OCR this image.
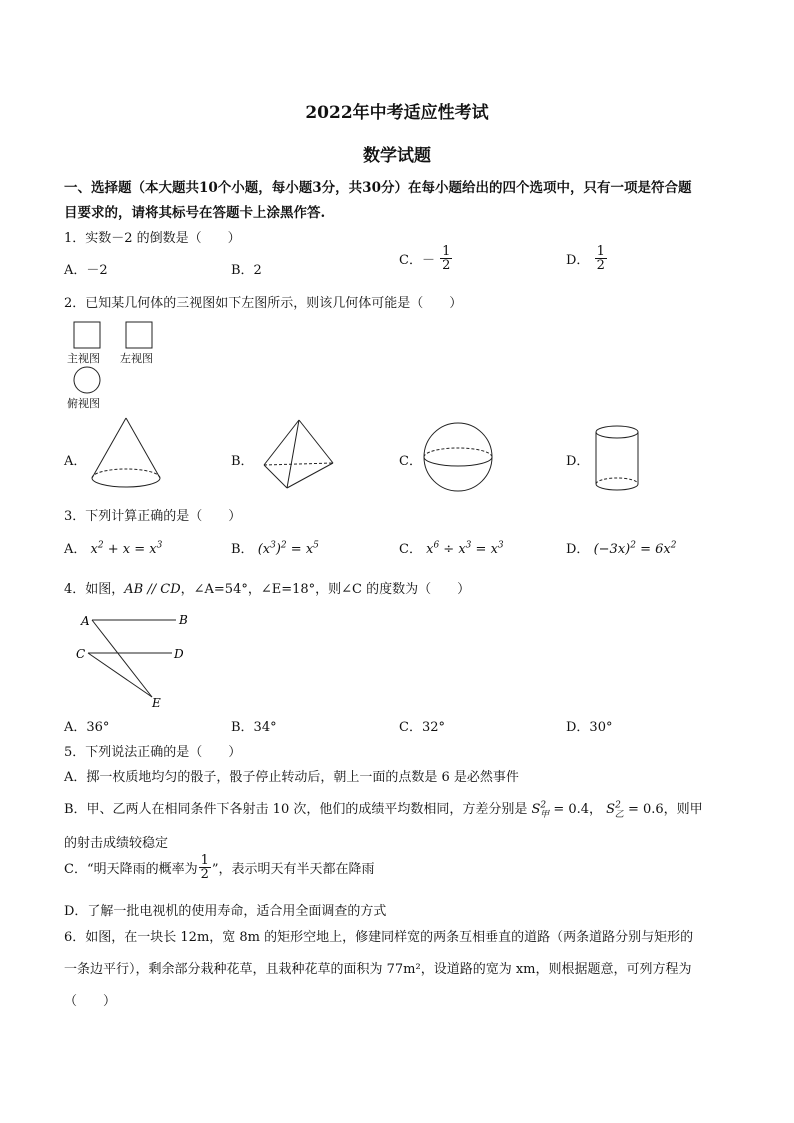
2022年中考适应性考试
数学试题
一、选择题（本大题共10个小题，每小题3分，共30分）在每小题给出的四个选项中，只有一项是符合题
目要求的，请将其标号在答题卡上涂黑作答.
1．实数－2 的倒数是（　　）
A．－2	B．2
C．－ $\frac{1}{2}$	D． $\frac{1}{2}$
2．已知某几何体的三视图如下左图所示，则该几何体可能是（　　）
主视图 左视图
俯视图
A．	B．	C．	D．
3．下列计算正确的是（　　）
A． $x^2 + x = x^3$	B． $(x^3)^2 = x^5$	C． $x^6 \div x^3 = x^3$	D． $(-3x)^2 = 6x^2$
4．如图，AB // CD，∠A=54°，∠E=18°，则∠C 的度数为（　　）
A	B
C	D
E
A．36°	B．34°	C．32°	D．30°
5．下列说法正确的是（　　）
A．掷一枚质地均匀的骰子，骰子停止转动后，朝上一面的点数是 6 是必然事件
B．甲、乙两人在相同条件下各射击 10 次，他们的成绩平均数相同，方差分别是 $S^2_甲 = 0.4$， $S^2_乙 = 0.6$，则甲
的射击成绩较稳定
C．“明天降雨的概率为 $\frac{1}{2}$ ”，表示明天有半天都在降雨
D．了解一批电视机的使用寿命，适合用全面调查的方式
6．如图，在一块长 12m，宽 8m 的矩形空地上，修建同样宽的两条互相垂直的道路（两条道路分别与矩形的
一条边平行），剩余部分栽种花草，且栽种花草的面积为 77m²，设道路的宽为 xm，则根据题意，可列方程为
（　　）
